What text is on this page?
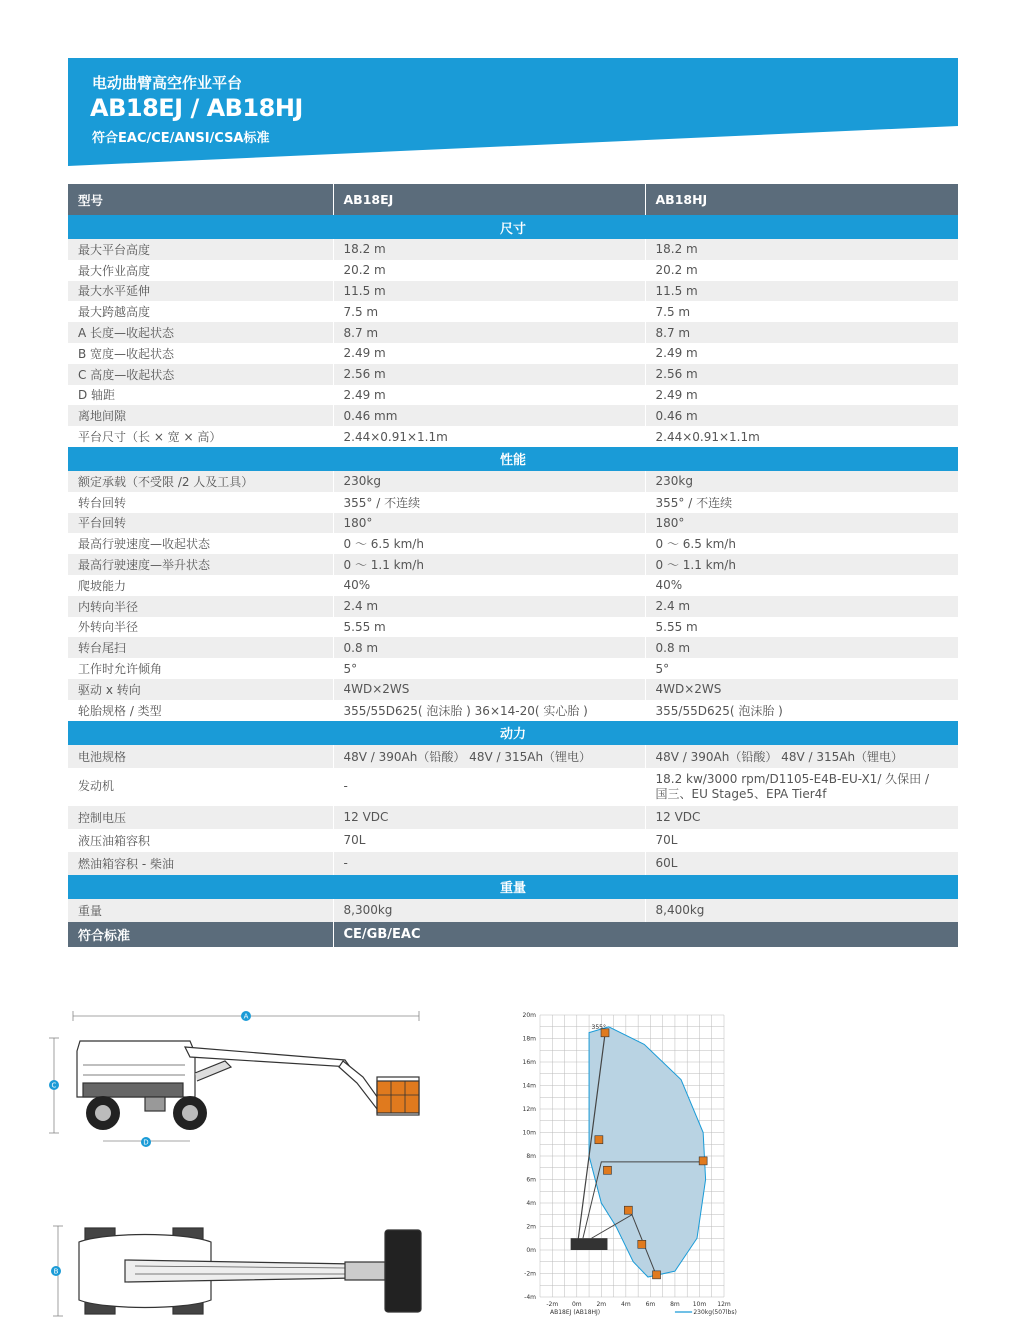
电动曲臂高空作业平台
AB18EJ / AB18HJ
符合EAC/CE/ANSI/CSA标准
型号	AB18EJ	AB18HJ
尺寸		
最大平台高度	18.2 m	18.2 m
最大作业高度	20.2 m	20.2 m
最大水平延伸	11.5 m	11.5 m
最大跨越高度	7.5 m	7.5 m
A 长度—收起状态	8.7 m	8.7 m
B 宽度—收起状态	2.49 m	2.49 m
C 高度—收起状态	2.56 m	2.56 m
D 轴距	2.49 m	2.49 m
离地间隙	0.46 mm	0.46 m
平台尺寸（长 × 宽 × 高）	2.44×0.91×1.1m	2.44×0.91×1.1m
性能		
额定承载（不受限 /2 人及工具）	230kg	230kg
转台回转	355° / 不连续	355° / 不连续
平台回转	180°	180°
最高行驶速度—收起状态	0 ～ 6.5 km/h	0 ～ 6.5 km/h
最高行驶速度—举升状态	0 ～ 1.1 km/h	0 ～ 1.1 km/h
爬坡能力	40%	40%
内转向半径	2.4 m	2.4 m
外转向半径	5.55 m	5.55 m
转台尾扫	0.8 m	0.8 m
工作时允许倾角	5°	5°
驱动 x 转向	4WD×2WS	4WD×2WS
轮胎规格 / 类型	355/55D625( 泡沫胎 ) 36×14-20( 实心胎 )	355/55D625( 泡沫胎 )
动力		
电池规格	48V / 390Ah（铅酸） 48V / 315Ah（锂电）	48V / 390Ah（铅酸） 48V / 315Ah（锂电）
发动机	-	18.2 kw/3000 rpm/D1105-E4B-EU-X1/ 久保田 /
国三、EU Stage5、EPA Tier4f

控制电压	12 VDC	12 VDC
液压油箱容积	70L	70L
燃油箱容积 - 柴油	-	60L
重量		
重量	8,300kg	8,400kg
符合标准	CE/GB/EAC	
A
C
D
B
20m
18m
16m
14m
12m
10m
8m
6m
4m
2m
0m
-2m
-4m
-2m 0m 2m 4m 6m 8m 10m 12m
355°
AB18EJ (AB18HJ)	230kg(507lbs)
